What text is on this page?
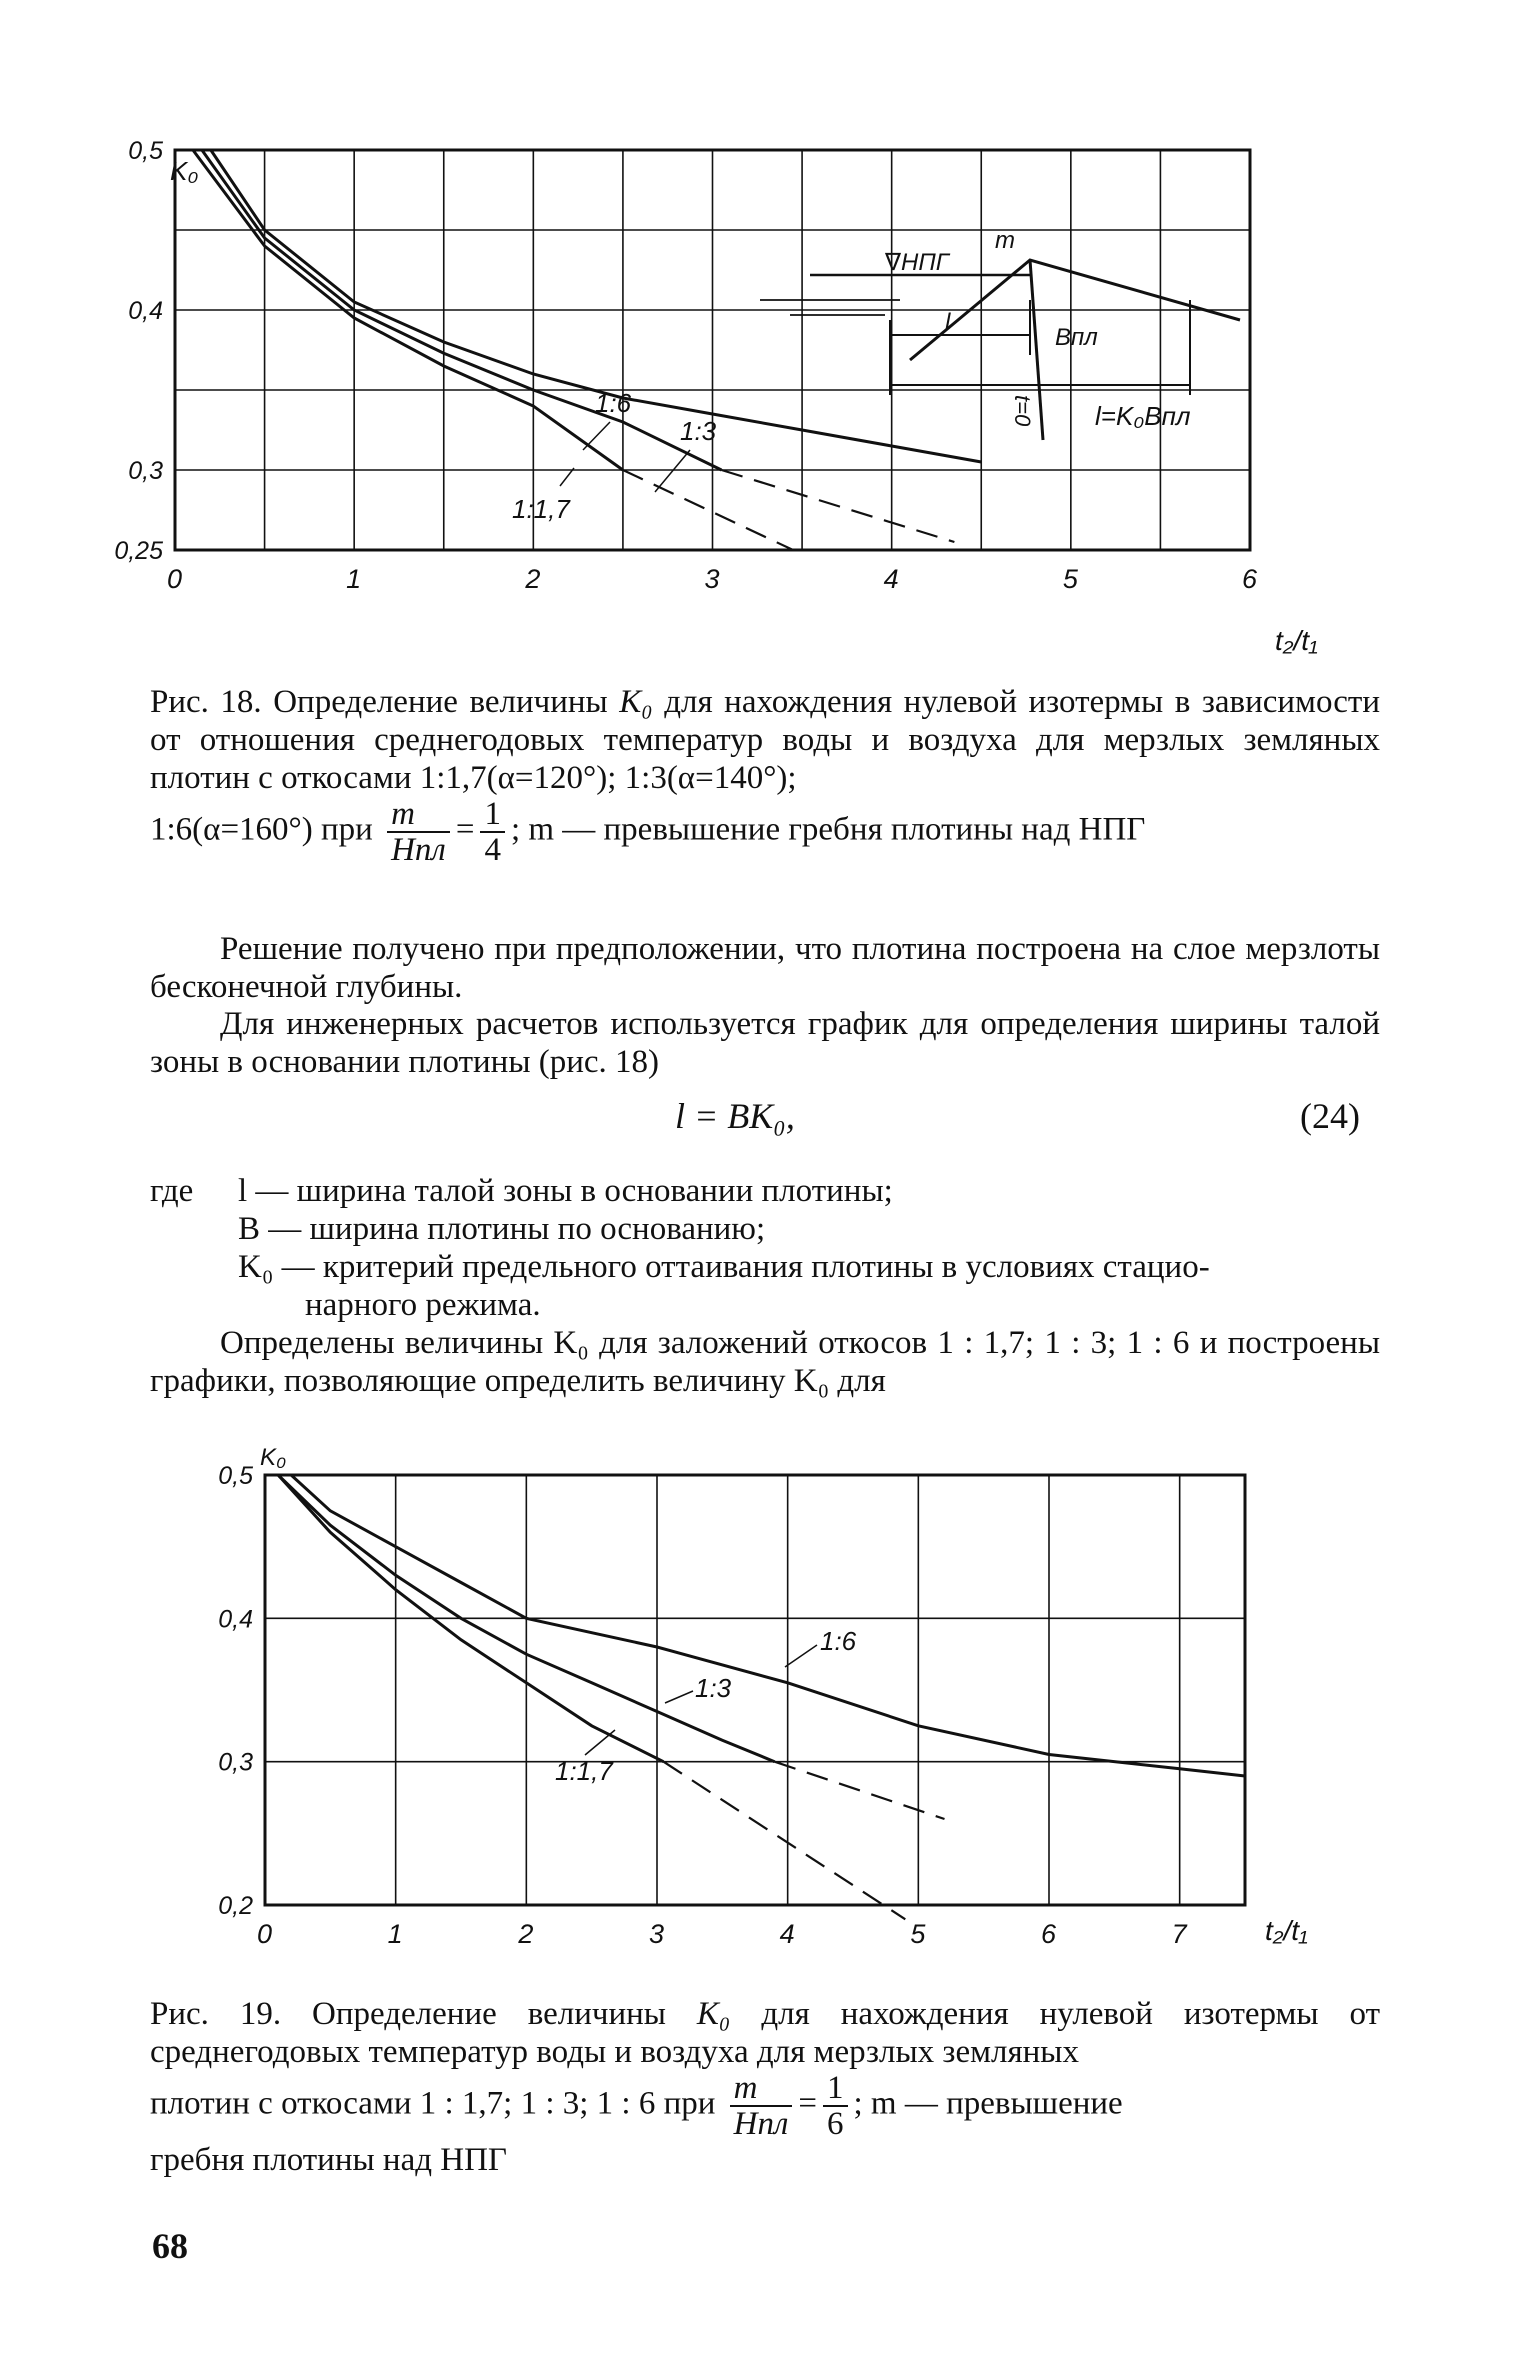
0	1	2	3	4	5	6
0,25
0,3
0,4
0,5
K₀
t₂/t₁
∇НПГ
m
l
Bпл
t=0 l=K₀Bпл
1:6
1:3
1:1,7
Рис. 18. Определение величины K₀ для нахождения нулевой изотермы в зависимости от отношения среднегодовых температур воды и воздуха для мерзлых земляных плотин с откосами 1:1,7(α=120°); 1:3(α=140°);
1:6(α=160°) при $\frac{m}{\text{Hпл}} = \frac{1}{4}$ ; m — превышение гребня плотины над НПГ
Решение получено при предположении, что плотина построена на слое мерзлоты бесконечной глубины.
Для инженерных расчетов используется график для определения ширины талой зоны в основании плотины (рис. 18)
l = BK₀,	(24)
где l — ширина талой зоны в основании плотины;
B — ширина плотины по основанию;
K₀ — критерий предельного оттаивания плотины в условиях стацио-
нарного режима.
Определены величины K₀ для заложений откосов 1 : 1,7; 1 : 3; 1 : 6 и построены графики, позволяющие определить величину K₀ для
0	1	2	3	4	5	6	7
0,2
0,3
0,4
0,5
K₀
t₂/t₁
1:6
1:3
1:1,7
Рис. 19. Определение величины K₀ для нахождения нулевой изотермы от среднегодовых температур воды и воздуха для мерзлых земляных
плотин с откосами 1 : 1,7; 1 : 3; 1 : 6 при $\frac{m}{\text{Hпл}} = \frac{1}{6}$ ; m — превышение
гребня плотины над НПГ
68
